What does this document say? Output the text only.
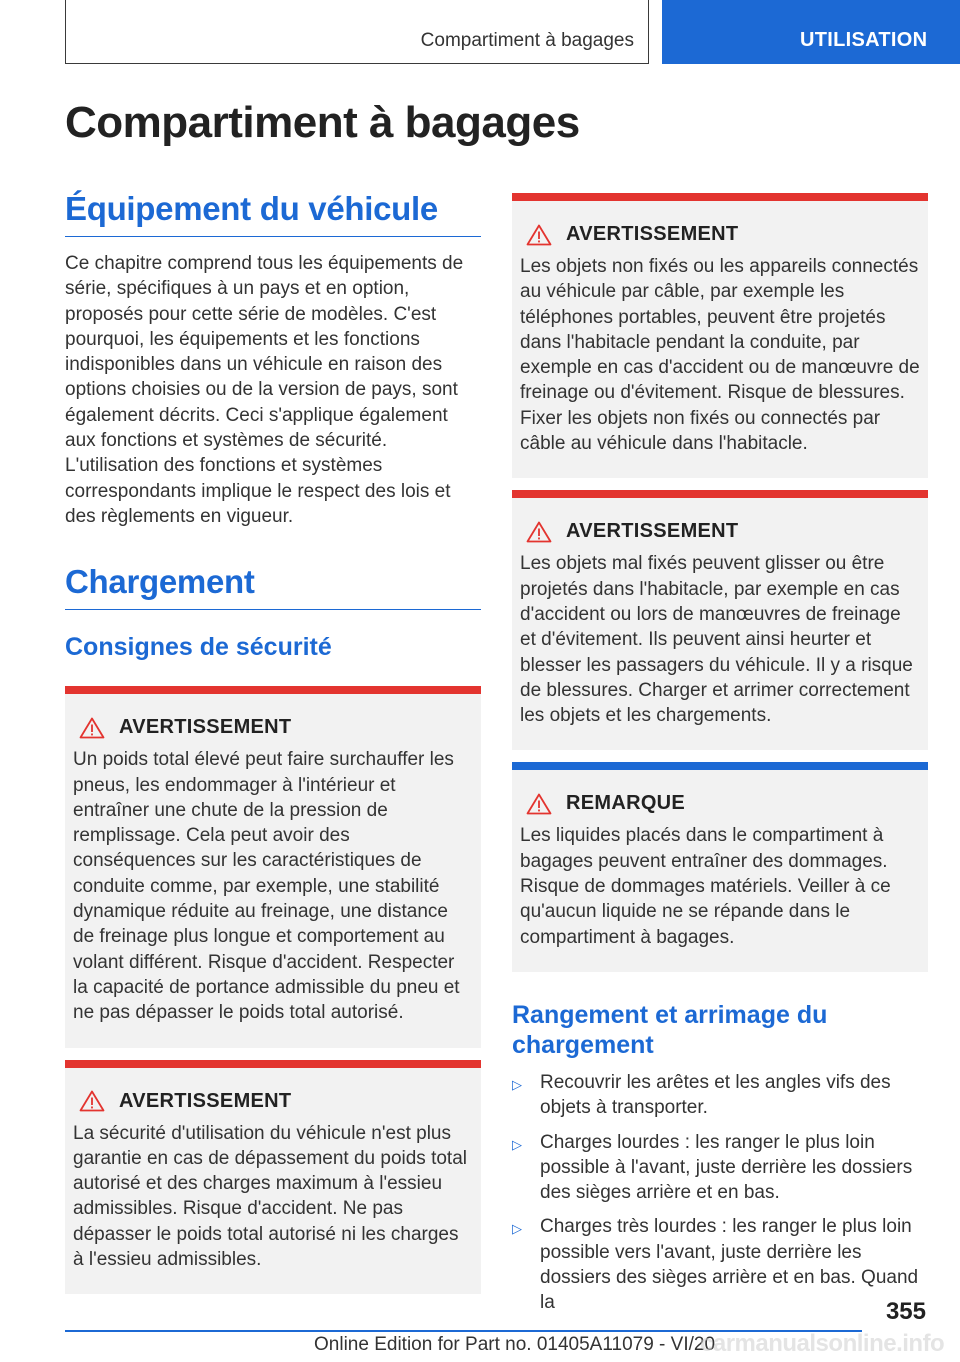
Compartiment à bagages	UTILISATION
Compartiment à bagages
Équipement du véhicule

Ce chapitre comprend tous les équipements de série, spécifiques à un pays et en option, proposés pour cette série de modèles. C'est pourquoi, les équipements et les fonctions indisponibles dans un véhicule en raison des options choisies ou de la version de pays, sont également décrits. Ceci s'applique également aux fonctions et systèmes de sécurité. L'utilisation des fonctions et systèmes correspondants implique le respect des lois et des règlements en vigueur.

Chargement
Consignes de sécurité
AVERTISSEMENT

Un poids total élevé peut faire surchauffer les pneus, les endommager à l'intérieur et entraîner une chute de la pression de remplissage. Cela peut avoir des conséquences sur les caractéristiques de conduite comme, par exemple, une stabilité dynamique réduite au freinage, une distance de freinage plus longue et comportement au volant différent. Risque d'accident. Respecter la capacité de portance admissible du pneu et ne pas dépasser le poids total autorisé.

AVERTISSEMENT

La sécurité d'utilisation du véhicule n'est plus garantie en cas de dépassement du poids total autorisé et des charges maximum à l'essieu admissibles. Risque d'accident. Ne pas dépasser le poids total autorisé ni les charges à l'essieu admissibles.

AVERTISSEMENT

Les objets non fixés ou les appareils connectés au véhicule par câble, par exemple les téléphones portables, peuvent être projetés dans l'habitacle pendant la conduite, par exemple en cas d'accident ou de manœuvre de freinage ou d'évitement. Risque de blessures. Fixer les objets non fixés ou connectés par câble au véhicule dans l'habitacle.

AVERTISSEMENT

Les objets mal fixés peuvent glisser ou être projetés dans l'habitacle, par exemple en cas d'accident ou lors de manœuvres de freinage et d'évitement. Ils peuvent ainsi heurter et blesser les passagers du véhicule. Il y a risque de blessures. Charger et arrimer correctement les objets et les chargements.

REMARQUE

Les liquides placés dans le compartiment à bagages peuvent entraîner des dommages. Risque de dommages matériels. Veiller à ce qu'aucun liquide ne se répande dans le compartiment à bagages.

Rangement et arrimage du chargement
▷ Recouvrir les arêtes et les angles vifs des objets à transporter.
▷ Charges lourdes : les ranger le plus loin possible à l'avant, juste derrière les dossiers des sièges arrière et en bas.
▷ Charges très lourdes : les ranger le plus loin possible vers l'avant, juste derrière les dossiers des sièges arrière et en bas. Quand la	355
Online Edition for Part no. 01405A11079 - VI/20
carmanualsonline.info
